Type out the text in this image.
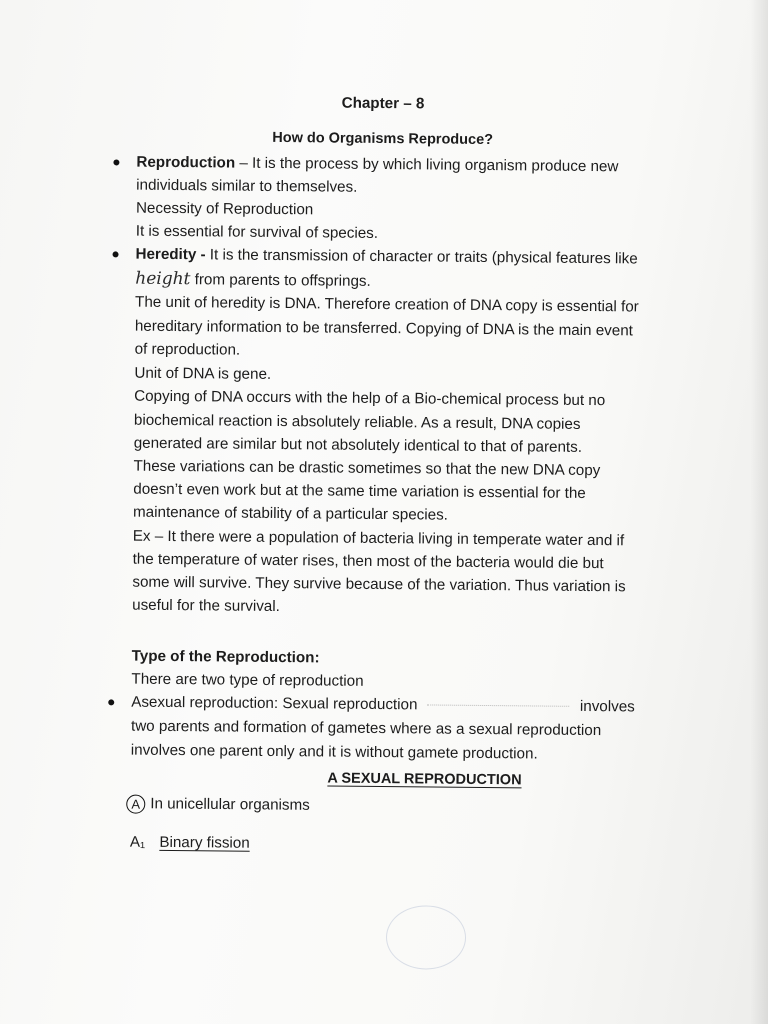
Chapter – 8
How do Organisms Reproduce?
Reproduction – It is the process by which living organism produce new
individuals similar to themselves.
Necessity of Reproduction
It is essential for survival of species.
Heredity - It is the transmission of character or traits (physical features like
height from parents to offsprings.
The unit of heredity is DNA. Therefore creation of DNA copy is essential for
hereditary information to be transferred. Copying of DNA is the main event
of reproduction.
Unit of DNA is gene.
Copying of DNA occurs with the help of a Bio-chemical process but no
biochemical reaction is absolutely reliable. As a result, DNA copies
generated are similar but not absolutely identical to that of parents.
These variations can be drastic sometimes so that the new DNA copy
doesn’t even work but at the same time variation is essential for the
maintenance of stability of a particular species.
Ex – It there were a population of bacteria living in temperate water and if
the temperature of water rises, then most of the bacteria would die but
some will survive. They survive because of the variation. Thus variation is
useful for the survival.
Type of the Reproduction:
There are two type of reproduction
Asexual reproduction: Sexual reproduction	involves
two parents and formation of gametes where as a sexual reproduction
involves one parent only and it is without gamete production.
A SEXUAL REPRODUCTION
A In unicellular organisms
A₁ Binary fission
